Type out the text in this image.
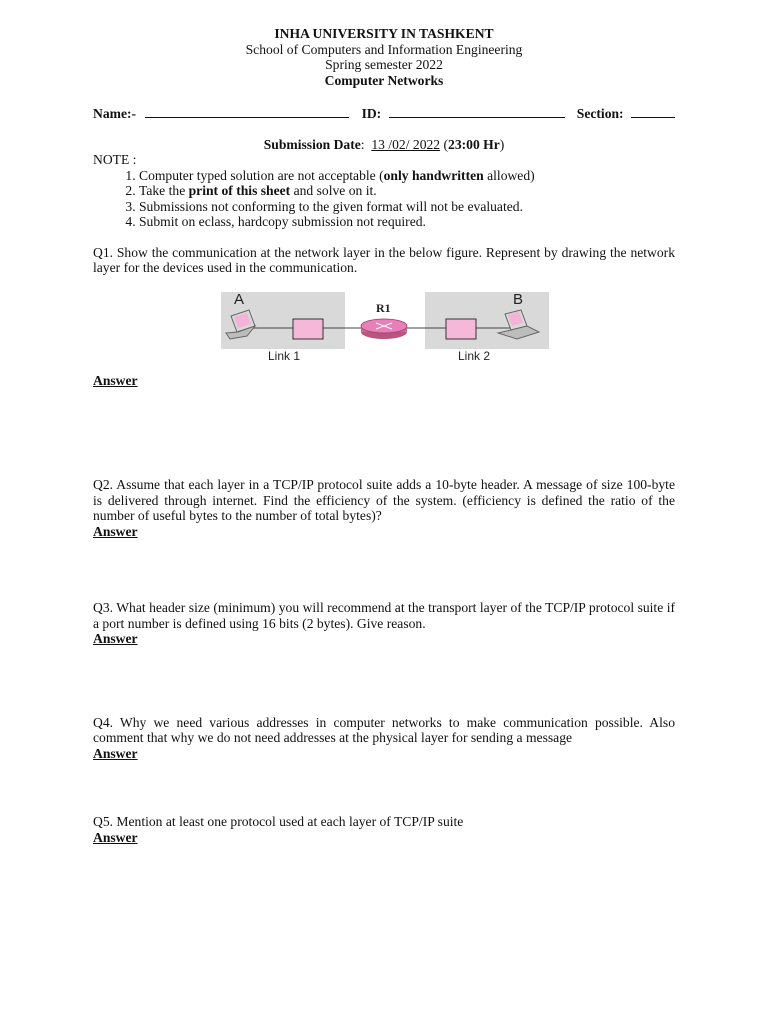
INHA UNIVERSITY IN TASHKENT
School of Computers and Information Engineering
Spring semester 2022
Computer Networks
Name:-	ID:	Section:
Submission Date:  13 /02/ 2022 (23:00 Hr)
NOTE :
1. Computer typed solution are not acceptable (only handwritten allowed)
2. Take the print of this sheet and solve on it.
3. Submissions not conforming to the given format will not be evaluated.
4. Submit on eclass, hardcopy submission not required.

Q1. Show the communication at the network layer in the below figure. Represent by drawing the network layer for the devices used in the communication.

A	B
R1
Link 1	Link 2
Answer

Q2. Assume that each layer in a TCP/IP protocol suite adds a 10-byte header. A message of size 100-byte is delivered through internet. Find the efficiency of the system. (efficiency is defined the ratio of the number of useful bytes to the number of total bytes)?

Answer

Q3. What header size (minimum) you will recommend at the transport layer of the TCP/IP protocol suite if a port number is defined using 16 bits (2 bytes). Give reason.

Answer

Q4. Why we need various addresses in computer networks to make communication possible. Also comment that why we do not need addresses at the physical layer for sending a message

Answer

Q5. Mention at least one protocol used at each layer of TCP/IP suite

Answer
